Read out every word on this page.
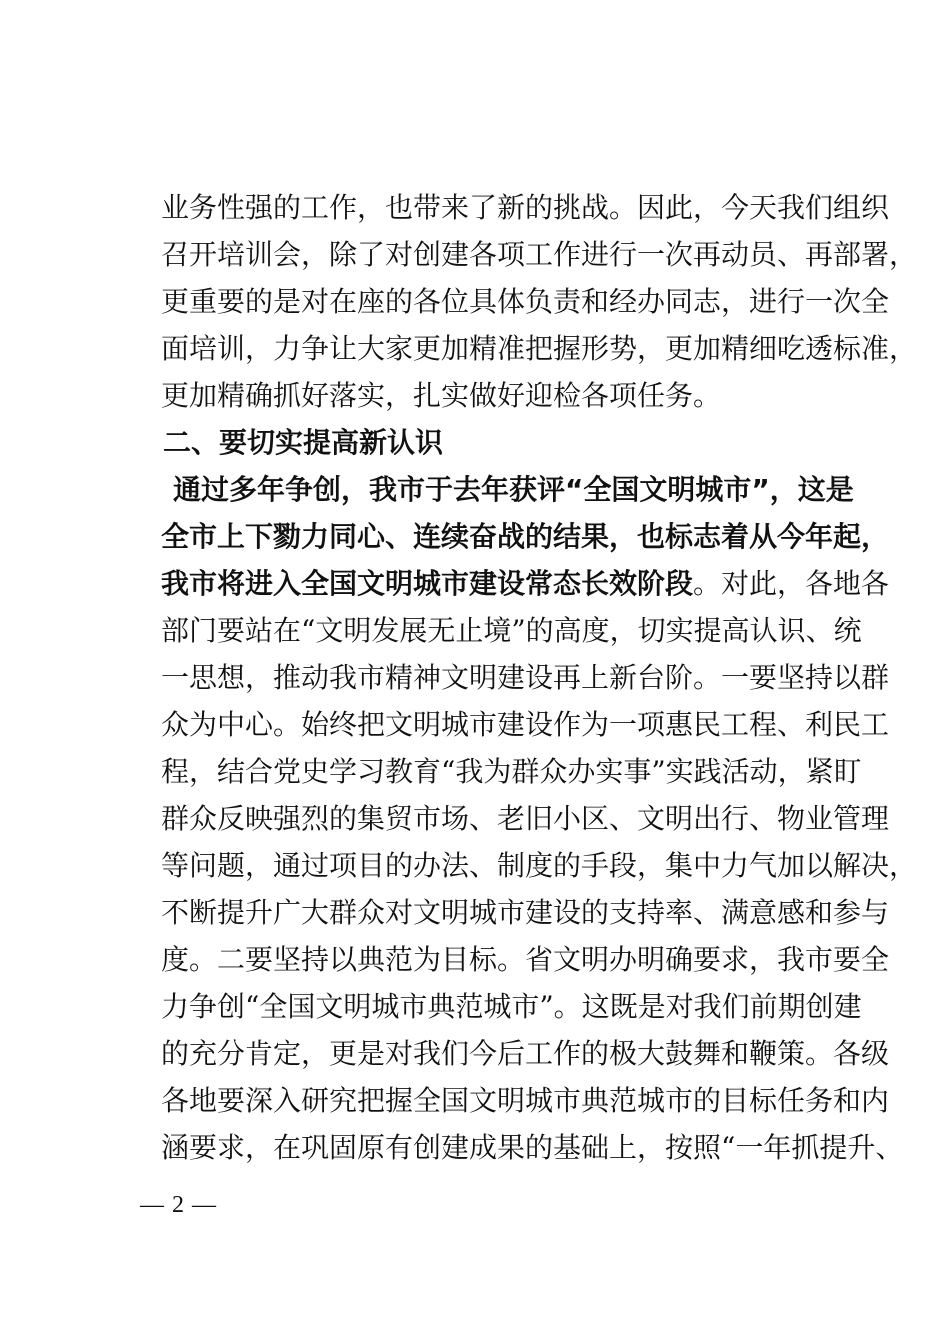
业务性强的工作，也带来了新的挑战。因此，今天我们组织
召开培训会，除了对创建各项工作进行一次再动员、再部署，
更重要的是对在座的各位具体负责和经办同志，进行一次全
面培训，力争让大家更加精准把握形势，更加精细吃透标准，
更加精确抓好落实，扎实做好迎检各项任务。
二、要切实提高新认识
通过多年争创，我市于去年获评“全国文明城市”，这是
全市上下勠力同心、连续奋战的结果，也标志着从今年起，
我市将进入全国文明城市建设常态长效阶段。对此，各地各
部门要站在“文明发展无止境”的高度，切实提高认识、统
一思想，推动我市精神文明建设再上新台阶。一要坚持以群
众为中心。始终把文明城市建设作为一项惠民工程、利民工
程，结合党史学习教育“我为群众办实事”实践活动，紧盯
群众反映强烈的集贸市场、老旧小区、文明出行、物业管理
等问题，通过项目的办法、制度的手段，集中力气加以解决，
不断提升广大群众对文明城市建设的支持率、满意感和参与
度。二要坚持以典范为目标。省文明办明确要求，我市要全
力争创“全国文明城市典范城市”。这既是对我们前期创建
的充分肯定，更是对我们今后工作的极大鼓舞和鞭策。各级
各地要深入研究把握全国文明城市典范城市的目标任务和内
涵要求，在巩固原有创建成果的基础上，按照“一年抓提升、
— 2 —
